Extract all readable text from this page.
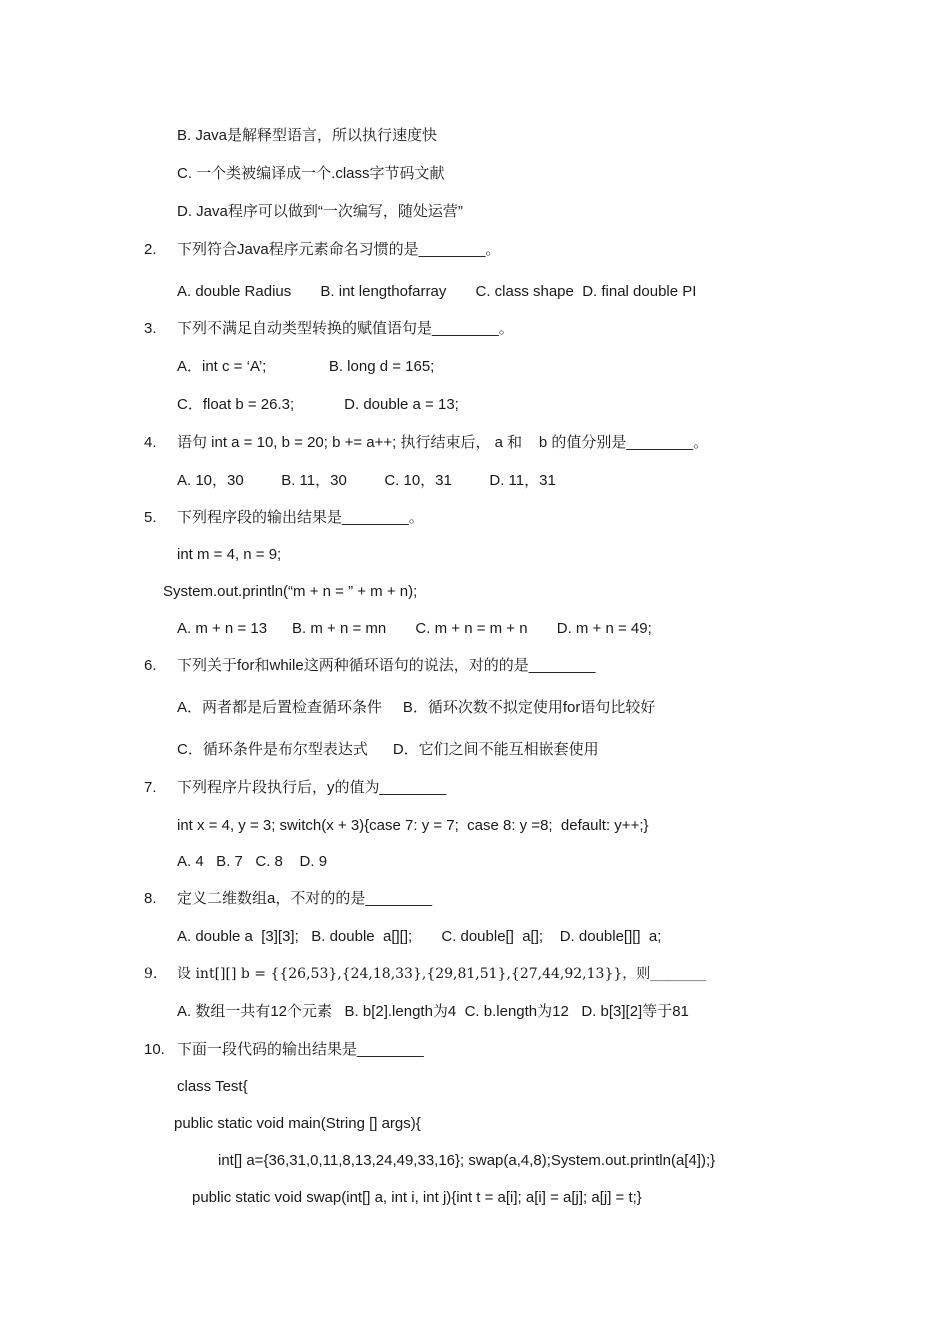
B. Java是解释型语言，所以执行速度快
C. 一个类被编译成一个.class字节码文献
D. Java程序可以做到“一次编写，随处运营”
2. 下列符合Java程序元素命名习惯的是________。
A. double Radius       B. int lengthofarray       C. class shape  D. final double PI
3. 下列不满足自动类型转换的赋值语句是________。
A．int c = ‘A’;               B. long d = 165;
C．float b = 26.3;            D. double a = 13;
4. 语句 int a = 10, b = 20; b += a++; 执行结束后， a 和    b 的值分别是________。
A. 10，30         B. 11，30         C. 10，31         D. 11，31
5. 下列程序段的输出结果是________。
int m = 4, n = 9;
System.out.println(“m + n = ” + m + n);
A. m + n = 13      B. m + n = mn       C. m + n = m + n       D. m + n = 49;
6. 下列关于for和while这两种循环语句的说法，对的的是________
A．两者都是后置检查循环条件     B．循环次数不拟定使用for语句比较好
C．循环条件是布尔型表达式      D．它们之间不能互相嵌套使用
7. 下列程序片段执行后，y的值为________
int x = 4, y = 3; switch(x + 3){case 7: y = 7;  case 8: y =8;  default: y++;}
A. 4   B. 7   C. 8    D. 9
8. 定义二维数组a，不对的的是________
A. double a  [3][3];   B. double  a[][];       C. double[]  a[];    D. double[][]  a;
9. 设 int[][] b = {{26,53},{24,18,33},{29,81,51},{27,44,92,13}}，则________
A. 数组一共有12个元素   B. b[2].length为4  C. b.length为12   D. b[3][2]等于81
10. 下面一段代码的输出结果是________
class Test{
public static void main(String [] args){
int[] a={36,31,0,11,8,13,24,49,33,16}; swap(a,4,8);System.out.println(a[4]);}
public static void swap(int[] a, int i, int j){int t = a[i]; a[i] = a[j]; a[j] = t;}
